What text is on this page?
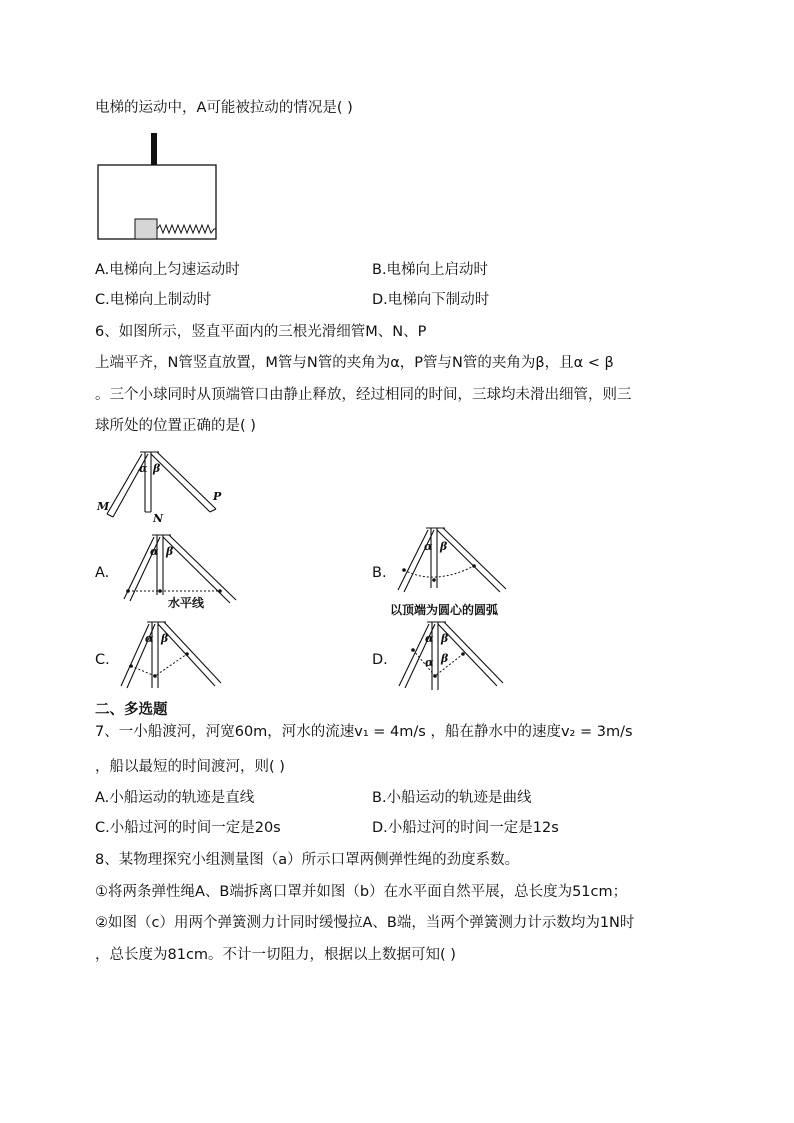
电梯的运动中，A可能被拉动的情况是( )
A.电梯向上匀速运动时	B.电梯向上启动时
C.电梯向上制动时	D.电梯向下制动时
6、如图所示，竖直平面内的三根光滑细管M、N、P
上端平齐，N管竖直放置，M管与N管的夹角为α，P管与N管的夹角为β，且α < β
。三个小球同时从顶端管口由静止释放，经过相同的时间，三球均未滑出细管，则三
球所处的位置正确的是( )
α β
M
N
P
A.
α β
水平线
B.
α β
以顶端为圆心的圆弧
C.
α β
D.
α β
α β
二、多选题
7、一小船渡河，河宽60m，河水的流速v₁ = 4m/s ，船在静水中的速度v₂ = 3m/s
，船以最短的时间渡河，则( )
A.小船运动的轨迹是直线	B.小船运动的轨迹是曲线
C.小船过河的时间一定是20s	D.小船过河的时间一定是12s
8、某物理探究小组测量图（a）所示口罩两侧弹性绳的劲度系数。
①将两条弹性绳A、B端拆离口罩并如图（b）在水平面自然平展，总长度为51cm；
②如图（c）用两个弹簧测力计同时缓慢拉A、B端，当两个弹簧测力计示数均为1N时
，总长度为81cm。不计一切阻力，根据以上数据可知( )
